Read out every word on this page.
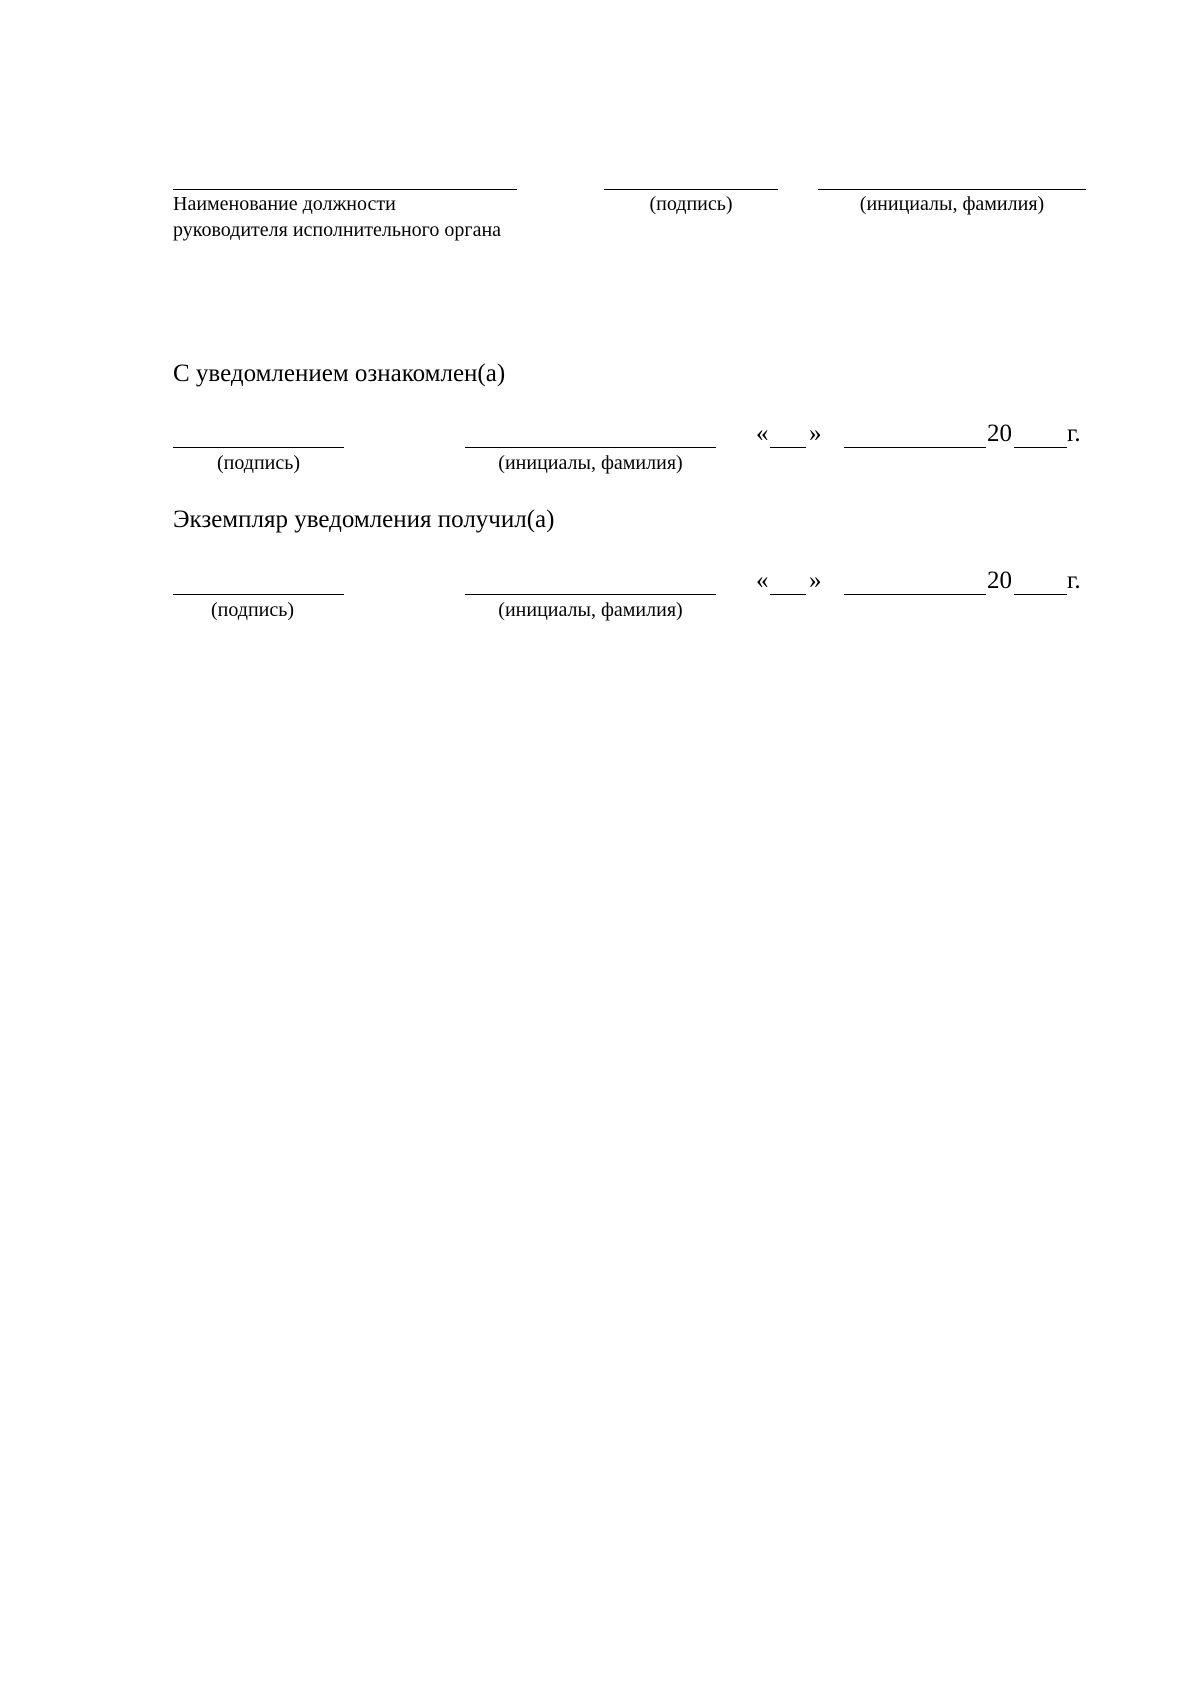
Наименование должности
руководителя исполнительного органа
(подпись)	(инициалы, фамилия)
С уведомлением ознакомлен(а)
(подпись)	(инициалы, фамилия)
« »	20 г.
Экземпляр уведомления получил(а)
(подпись)	(инициалы, фамилия)
« »	20 г.
